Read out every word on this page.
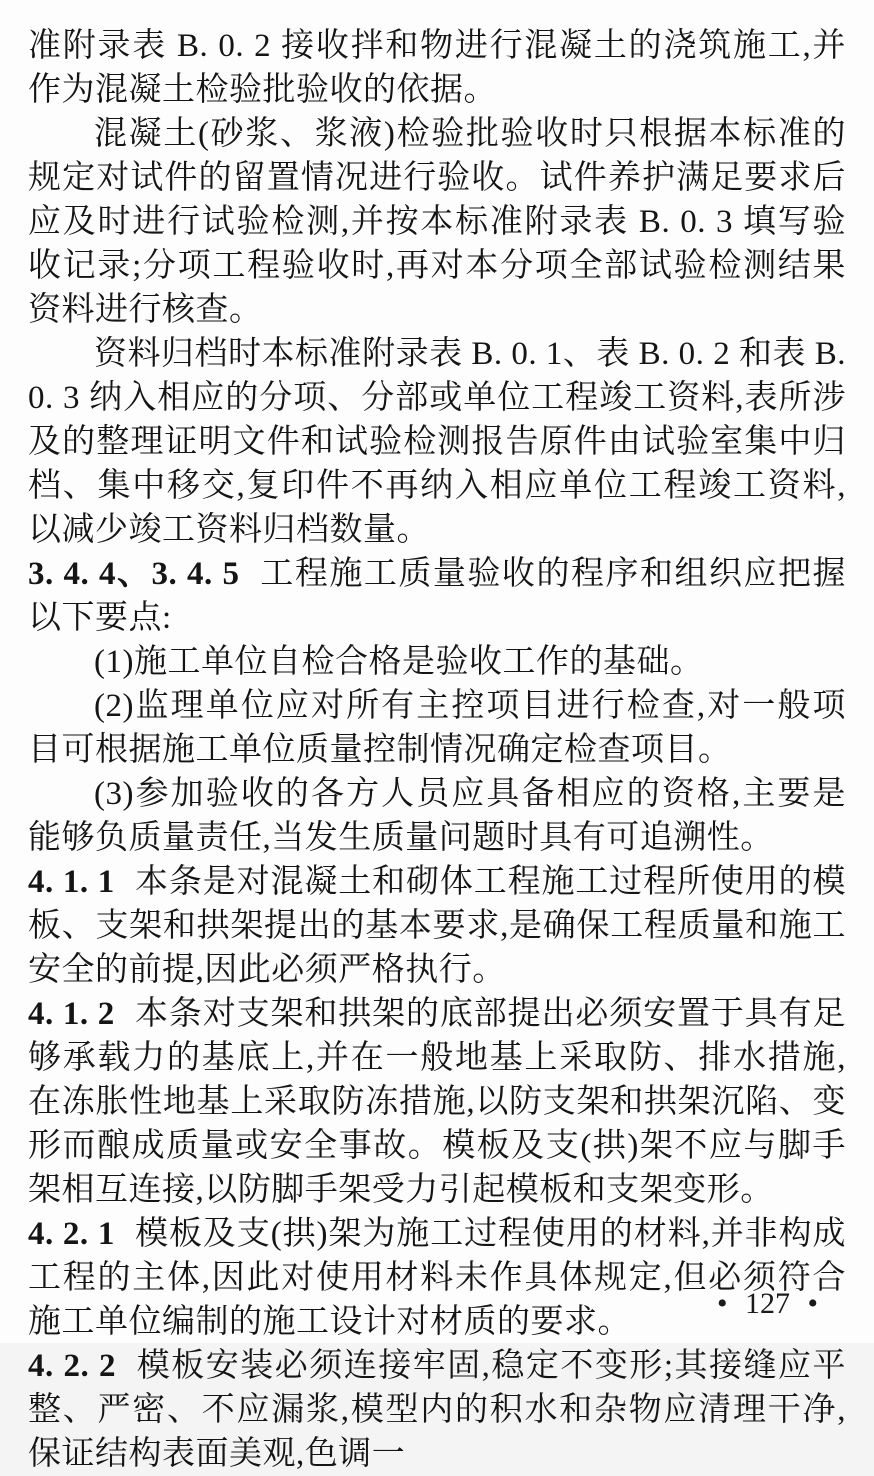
准附录表 B. 0. 2 接收拌和物进行混凝土的浇筑施工,并作为混凝土检验批验收的依据。

混凝土(砂浆、浆液)检验批验收时只根据本标准的规定对试件的留置情况进行验收。试件养护满足要求后应及时进行试验检测,并按本标准附录表 B. 0. 3 填写验收记录;分项工程验收时,再对本分项全部试验检测结果资料进行核查。

资料归档时本标准附录表 B. 0. 1、表 B. 0. 2 和表 B. 0. 3 纳入相应的分项、分部或单位工程竣工资料,表所涉及的整理证明文件和试验检测报告原件由试验室集中归档、集中移交,复印件不再纳入相应单位工程竣工资料,以减少竣工资料归档数量。

3. 4. 4、3. 4. 5 工程施工质量验收的程序和组织应把握以下要点:

(1)施工单位自检合格是验收工作的基础。

(2)监理单位应对所有主控项目进行检查,对一般项目可根据施工单位质量控制情况确定检查项目。

(3)参加验收的各方人员应具备相应的资格,主要是能够负质量责任,当发生质量问题时具有可追溯性。

4. 1. 1 本条是对混凝土和砌体工程施工过程所使用的模板、支架和拱架提出的基本要求,是确保工程质量和施工安全的前提,因此必须严格执行。

4. 1. 2 本条对支架和拱架的底部提出必须安置于具有足够承载力的基底上,并在一般地基上采取防、排水措施,在冻胀性地基上采取防冻措施,以防支架和拱架沉陷、变形而酿成质量或安全事故。模板及支(拱)架不应与脚手架相互连接,以防脚手架受力引起模板和支架变形。

4. 2. 1 模板及支(拱)架为施工过程使用的材料,并非构成工程的主体,因此对使用材料未作具体规定,但必须符合施工单位编制的施工设计对材质的要求。

4. 2. 2 模板安装必须连接牢固,稳定不变形;其接缝应平整、严密、不应漏浆,模型内的积水和杂物应清理干净,保证结构表面美观,色调一

• 127 •
